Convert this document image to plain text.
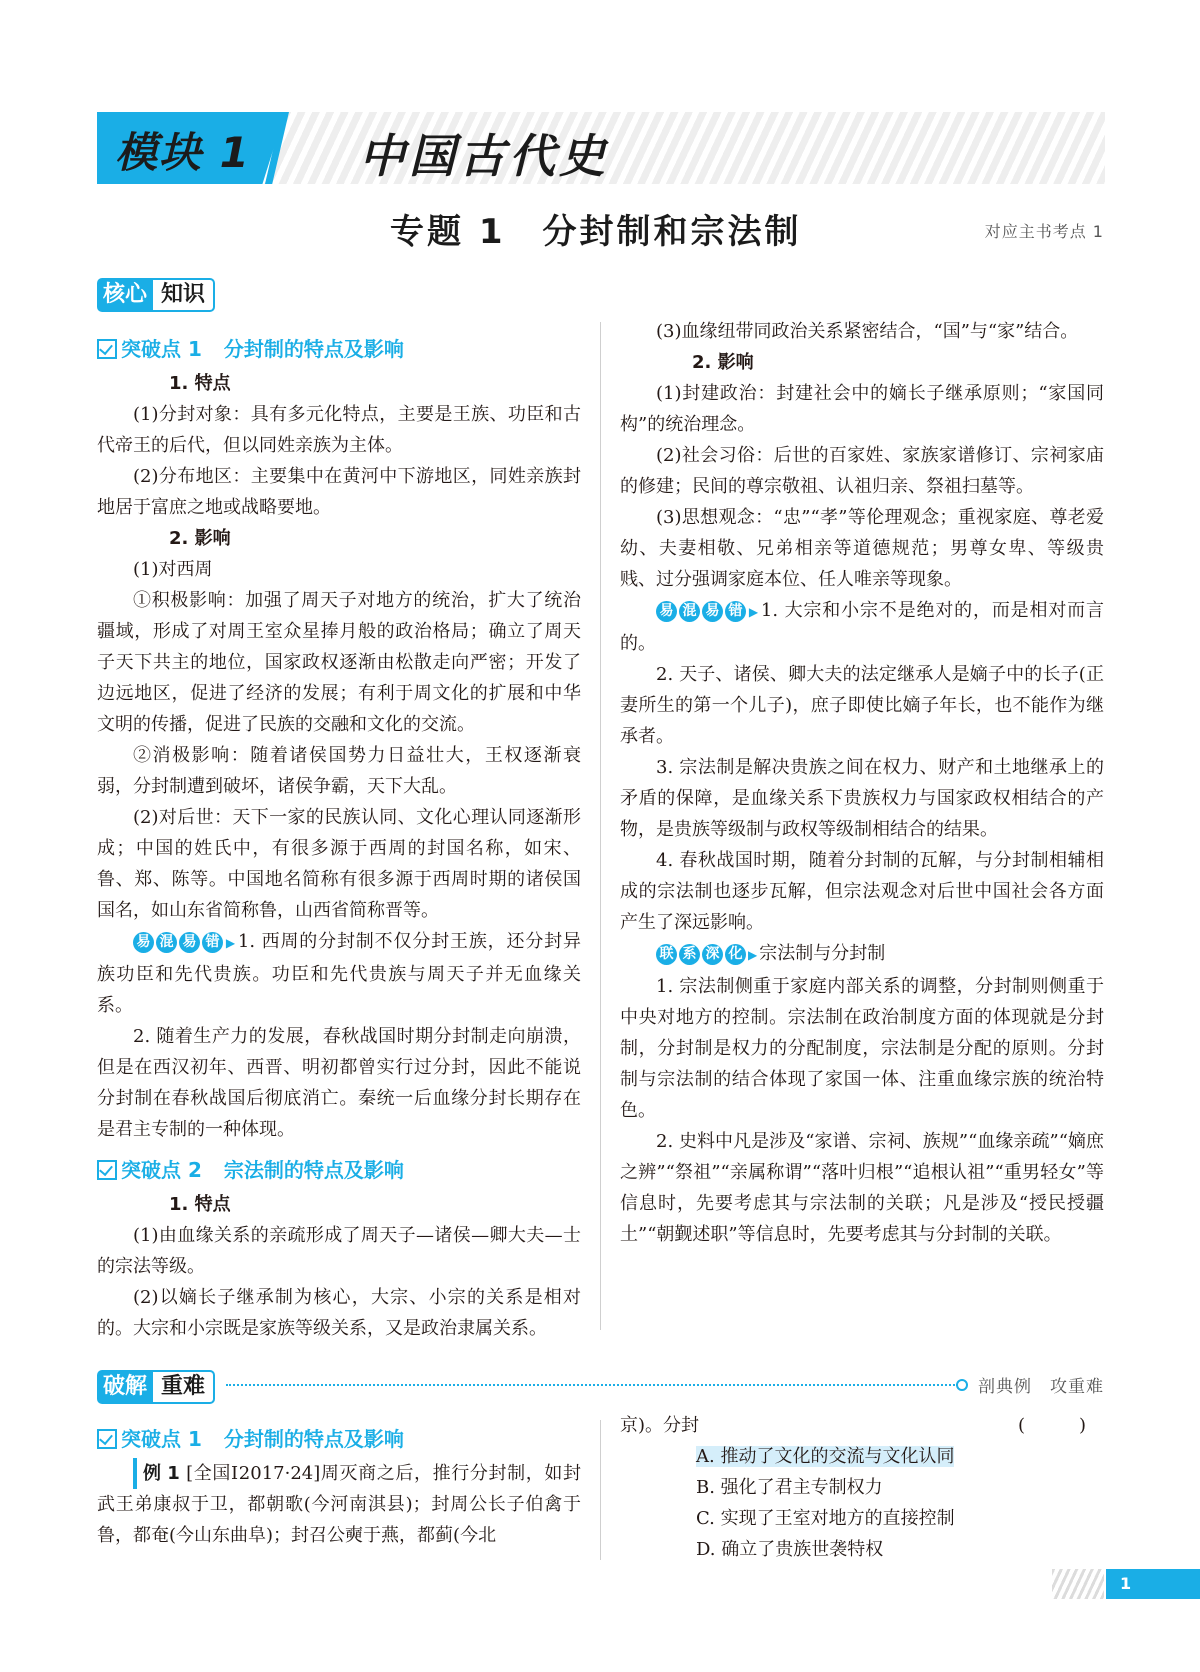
模块 1 中国古代史
专题 1　分封制和宗法制	对应主书考点 1
核心 知识
突破点 1 分封制的特点及影响

1. 特点

(1)分封对象：具有多元化特点，主要是王族、功臣和古代帝王的后代，但以同姓亲族为主体。

(2)分布地区：主要集中在黄河中下游地区，同姓亲族封地居于富庶之地或战略要地。

2. 影响

(1)对西周

①积极影响：加强了周天子对地方的统治，扩大了统治疆域，形成了对周王室众星捧月般的政治格局；确立了周天子天下共主的地位，国家政权逐渐由松散走向严密；开发了边远地区，促进了经济的发展；有利于周文化的扩展和中华文明的传播，促进了民族的交融和文化的交流。

②消极影响：随着诸侯国势力日益壮大，王权逐渐衰弱，分封制遭到破坏，诸侯争霸，天下大乱。

(2)对后世：天下一家的民族认同、文化心理认同逐渐形成；中国的姓氏中，有很多源于西周的封国名称，如宋、鲁、郑、陈等。中国地名简称有很多源于西周时期的诸侯国国名，如山东省简称鲁，山西省简称晋等。

易 混 易 错 ▶ 1. 西周的分封制不仅分封王族，还分封异族功臣和先代贵族。功臣和先代贵族与周天子并无血缘关系。

2. 随着生产力的发展，春秋战国时期分封制走向崩溃，但是在西汉初年、西晋、明初都曾实行过分封，因此不能说分封制在春秋战国后彻底消亡。秦统一后血缘分封长期存在是君主专制的一种体现。

突破点 2 宗法制的特点及影响

1. 特点

(1)由血缘关系的亲疏形成了周天子—诸侯—卿大夫—士的宗法等级。

(2)以嫡长子继承制为核心，大宗、小宗的关系是相对的。大宗和小宗既是家族等级关系，又是政治隶属关系。

(3)血缘纽带同政治关系紧密结合，“国”与“家”结合。

2. 影响

(1)封建政治：封建社会中的嫡长子继承原则；“家国同构”的统治理念。

(2)社会习俗：后世的百家姓、家族家谱修订、宗祠家庙的修建；民间的尊宗敬祖、认祖归亲、祭祖扫墓等。

(3)思想观念：“忠”“孝”等伦理观念；重视家庭、尊老爱幼、夫妻相敬、兄弟相亲等道德规范；男尊女卑、等级贵贱、过分强调家庭本位、任人唯亲等现象。

易 混 易 错 ▶ 1. 大宗和小宗不是绝对的，而是相对而言的。

2. 天子、诸侯、卿大夫的法定继承人是嫡子中的长子(正妻所生的第一个儿子)，庶子即使比嫡子年长，也不能作为继承者。

3. 宗法制是解决贵族之间在权力、财产和土地继承上的矛盾的保障，是血缘关系下贵族权力与国家政权相结合的产物，是贵族等级制与政权等级制相结合的结果。

4. 春秋战国时期，随着分封制的瓦解，与分封制相辅相成的宗法制也逐步瓦解，但宗法观念对后世中国社会各方面产生了深远影响。

联 系 深 化 ▶ 宗法制与分封制

1. 宗法制侧重于家庭内部关系的调整，分封制则侧重于中央对地方的控制。宗法制在政治制度方面的体现就是分封制，分封制是权力的分配制度，宗法制是分配的原则。分封制与宗法制的结合体现了家国一体、注重血缘宗族的统治特色。

2. 史料中凡是涉及“家谱、宗祠、族规”“血缘亲疏”“嫡庶之辨”“祭祖”“亲属称谓”“落叶归根”“追根认祖”“重男轻女”等信息时，先要考虑其与宗法制的关联；凡是涉及“授民授疆土”“朝觐述职”等信息时，先要考虑其与分封制的关联。

破解 重难	剖典例　攻重难
突破点 1 分封制的特点及影响

例 1 [全国Ⅰ2017·24]周灭商之后，推行分封制，如封武王弟康叔于卫，都朝歌(今河南淇县)；封周公长子伯禽于鲁，都奄(今山东曲阜)；封召公奭于燕，都蓟(今北

京)。分封	(　)

A. 推动了文化的交流与文化认同

B. 强化了君主专制权力

C. 实现了王室对地方的直接控制

D. 确立了贵族世袭特权

1
